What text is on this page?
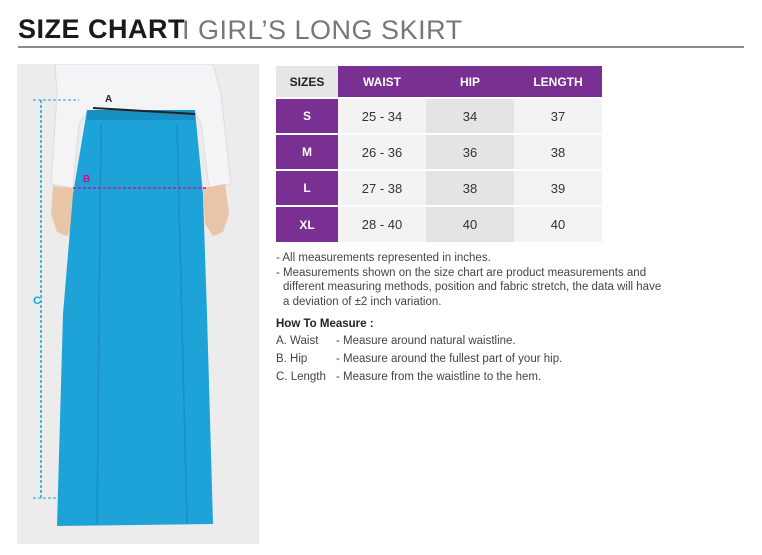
SIZE CHART
I GIRL’S LONG SKIRT
A
B
C
SIZES	WAIST	HIP	LENGTH
S	25 - 34	34	37
M	26 - 36	36	38
L	27 - 38	38	39
XL	28 - 40	40	40

- All measurements represented in inches.

- Measurements shown on the size chart are product measurements and

different measuring methods, position and fabric stretch, the data will have

a deviation of ±2 inch variation.

How To Measure :
A. Waist	- Measure around natural waistline.
B. Hip	- Measure around the fullest part of your hip.
C. Length - Measure from the waistline to the hem.
